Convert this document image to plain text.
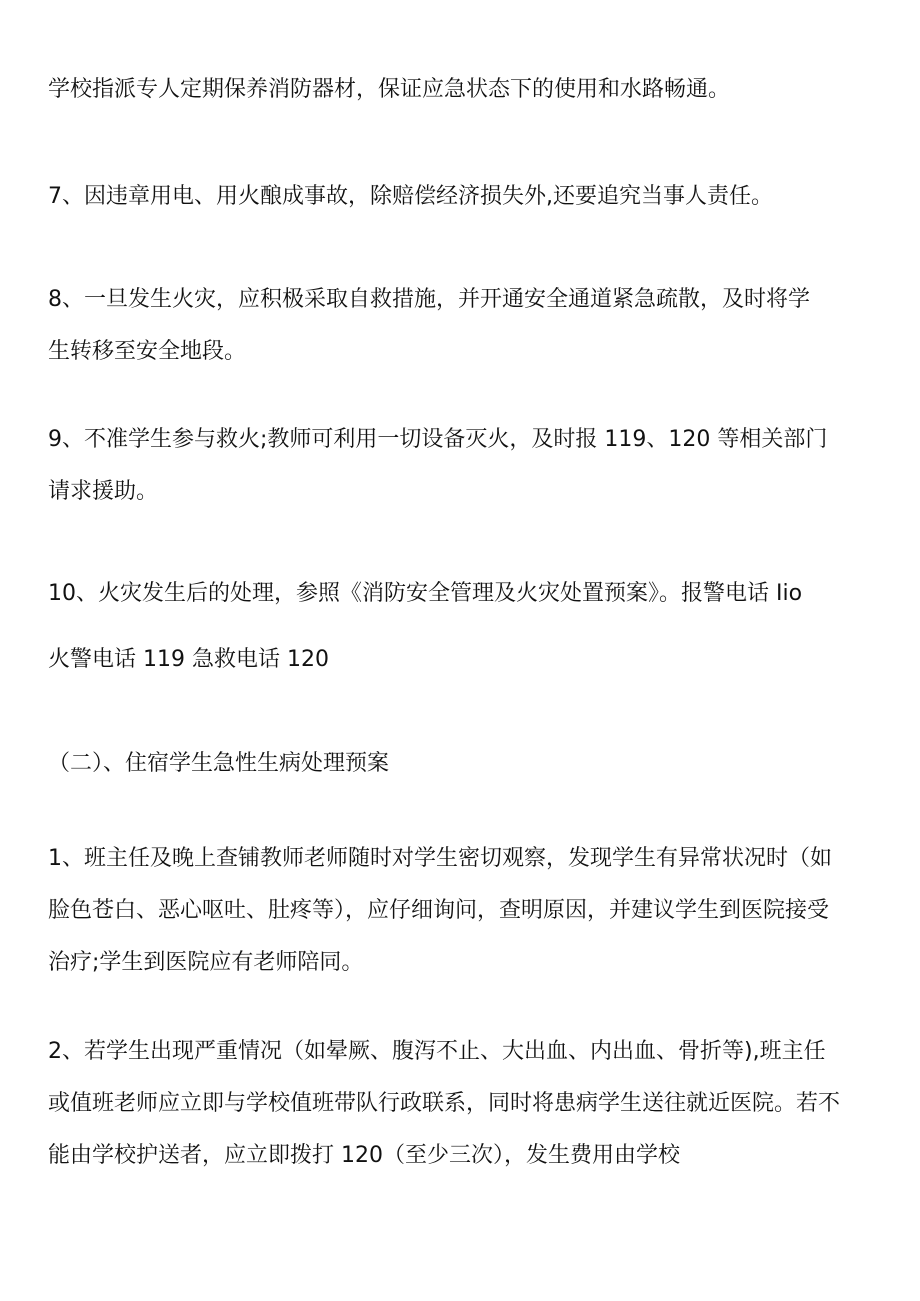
学校指派专人定期保养消防器材，保证应急状态下的使用和水路畅通。

7、因违章用电、用火酿成事故，除赔偿经济损失外,还要追究当事人责任。

8、一旦发生火灾，应积极采取自救措施，并开通安全通道紧急疏散，及时将学
生转移至安全地段。

9、不准学生参与救火;教师可利用一切设备灭火，及时报 119、120 等相关部门
请求援助。

10、火灾发生后的处理，参照《消防安全管理及火灾处置预案》。报警电话 Iio

火警电话 119 急救电话 120

（二）、住宿学生急性生病处理预案

1、班主任及晚上查铺教师老师随时对学生密切观察，发现学生有异常状况时（如
脸色苍白、恶心呕吐、肚疼等），应仔细询问，查明原因，并建议学生到医院接受
治疗;学生到医院应有老师陪同。

2、若学生出现严重情况（如晕厥、腹泻不止、大出血、内出血、骨折等),班主任
或值班老师应立即与学校值班带队行政联系，同时将患病学生送往就近医院。若不
能由学校护送者，应立即拨打 120（至少三次），发生费用由学校
